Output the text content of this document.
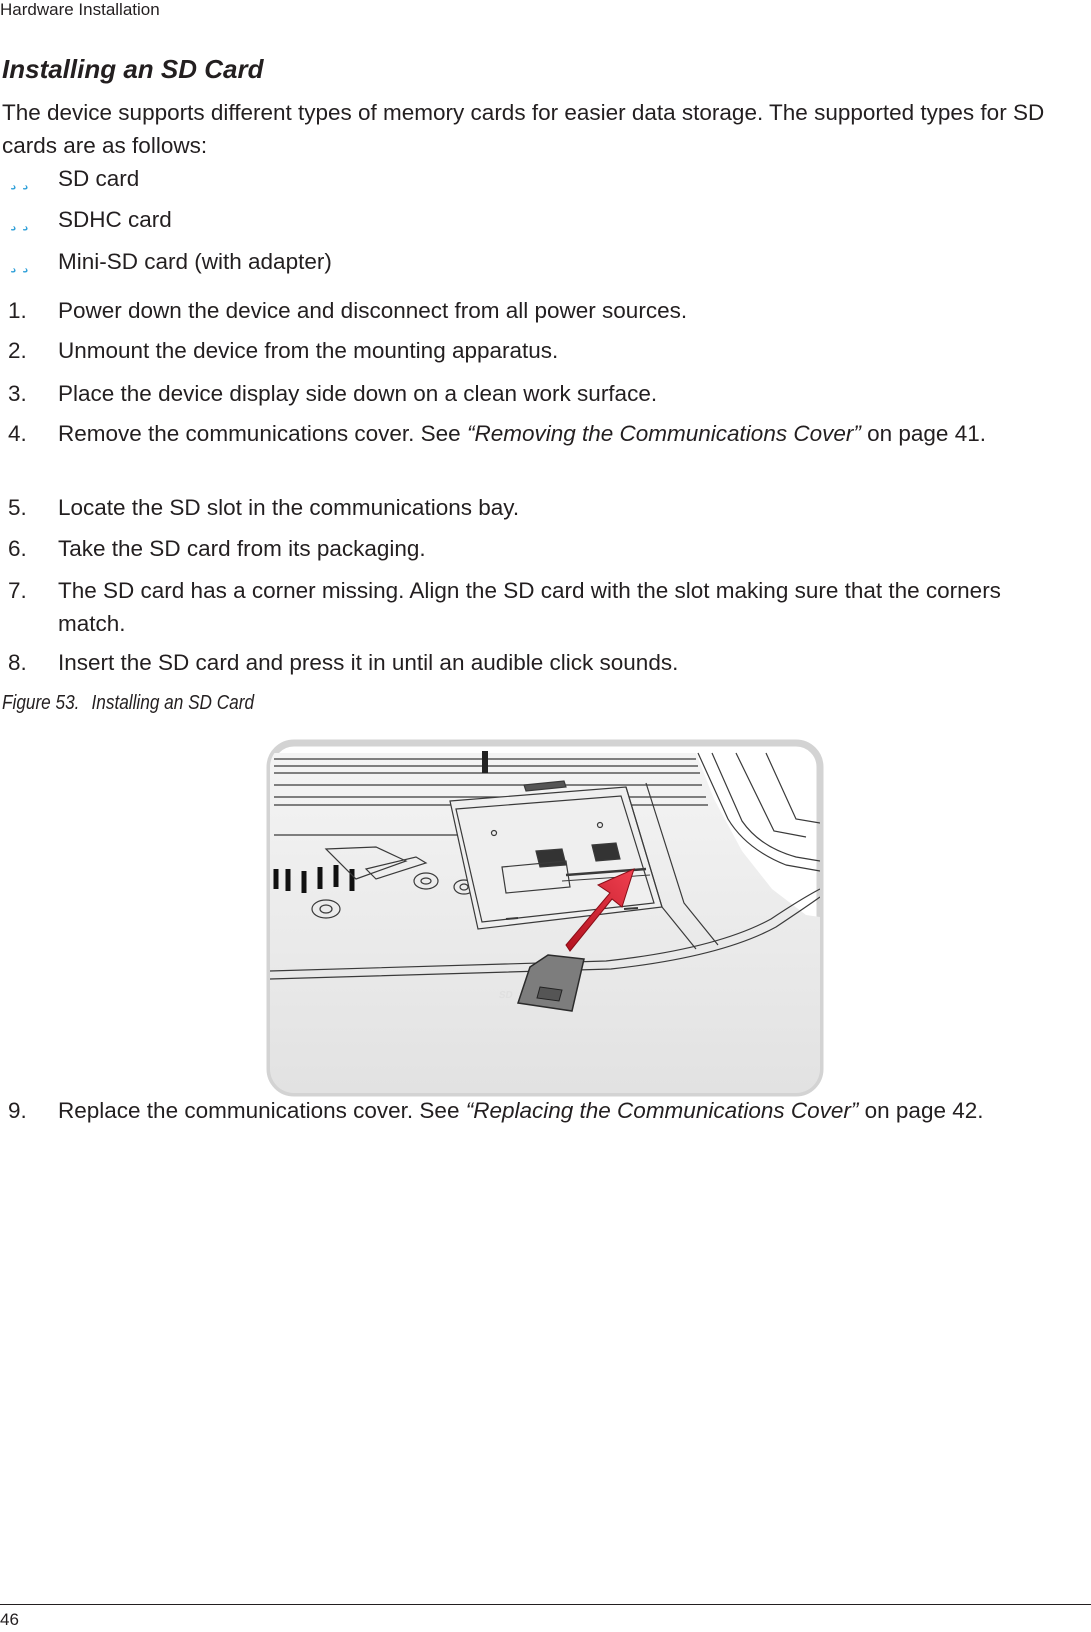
Hardware Installation
Installing an SD Card

The device supports different types of memory cards for easier data storage. The supported types for SD cards are as follows:

¸¸ SD card
¸¸ SDHC card
¸¸ Mini-SD card (with adapter)
1.	Power down the device and disconnect from all power sources.
2.	Unmount the device from the mounting apparatus.
3.	Place the device display side down on a clean work surface.
4.	Remove the communications cover. See “Removing the Communications Cover” on page 41.
5.	Locate the SD slot in the communications bay.
6.	Take the SD card from its packaging.
7.	The SD card has a corner missing. Align the SD card with the slot making sure that the corners match.
8.	Insert the SD card and press it in until an audible click sounds.
Figure 53. Installing an SD Card
SD
9.	Replace the communications cover. See “Replacing the Communications Cover” on page 42.
46
